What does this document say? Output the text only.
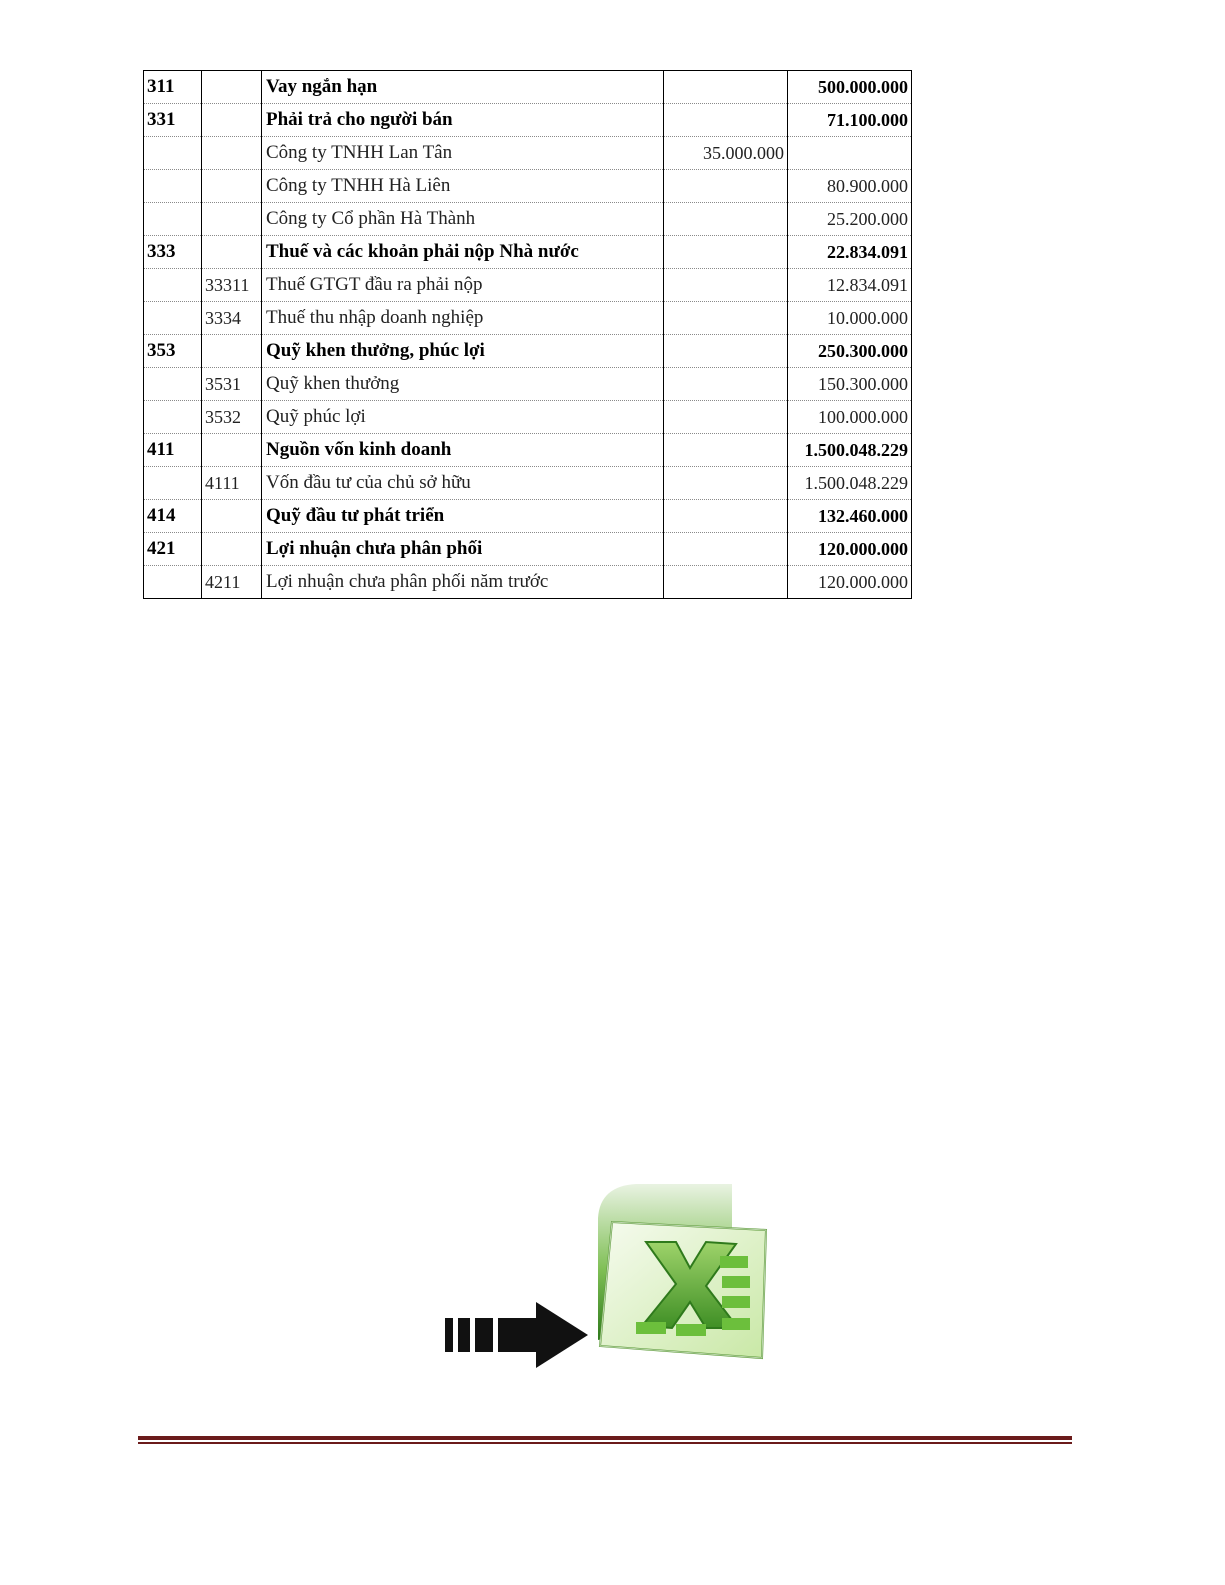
311		Vay ngắn hạn		500.000.000
331		Phải trả cho người bán		71.100.000
		Công ty TNHH Lan Tân	35.000.000	
		Công ty TNHH Hà Liên		80.900.000
		Công ty Cổ phần Hà Thành		25.200.000
333		Thuế và các khoản phải nộp Nhà nước		22.834.091
	33311	Thuế GTGT đầu ra phải nộp		12.834.091
	3334	Thuế thu nhập doanh nghiệp		10.000.000
353		Quỹ khen thưởng, phúc lợi		250.300.000
	3531	Quỹ khen thưởng		150.300.000
	3532	Quỹ phúc lợi		100.000.000
411		Nguồn vốn kinh doanh		1.500.048.229
	4111	Vốn đầu tư của chủ sở hữu		1.500.048.229
414		Quỹ đầu tư phát triển		132.460.000
421		Lợi nhuận chưa phân phối		120.000.000
	4211	Lợi nhuận chưa phân phối năm trước		120.000.000
